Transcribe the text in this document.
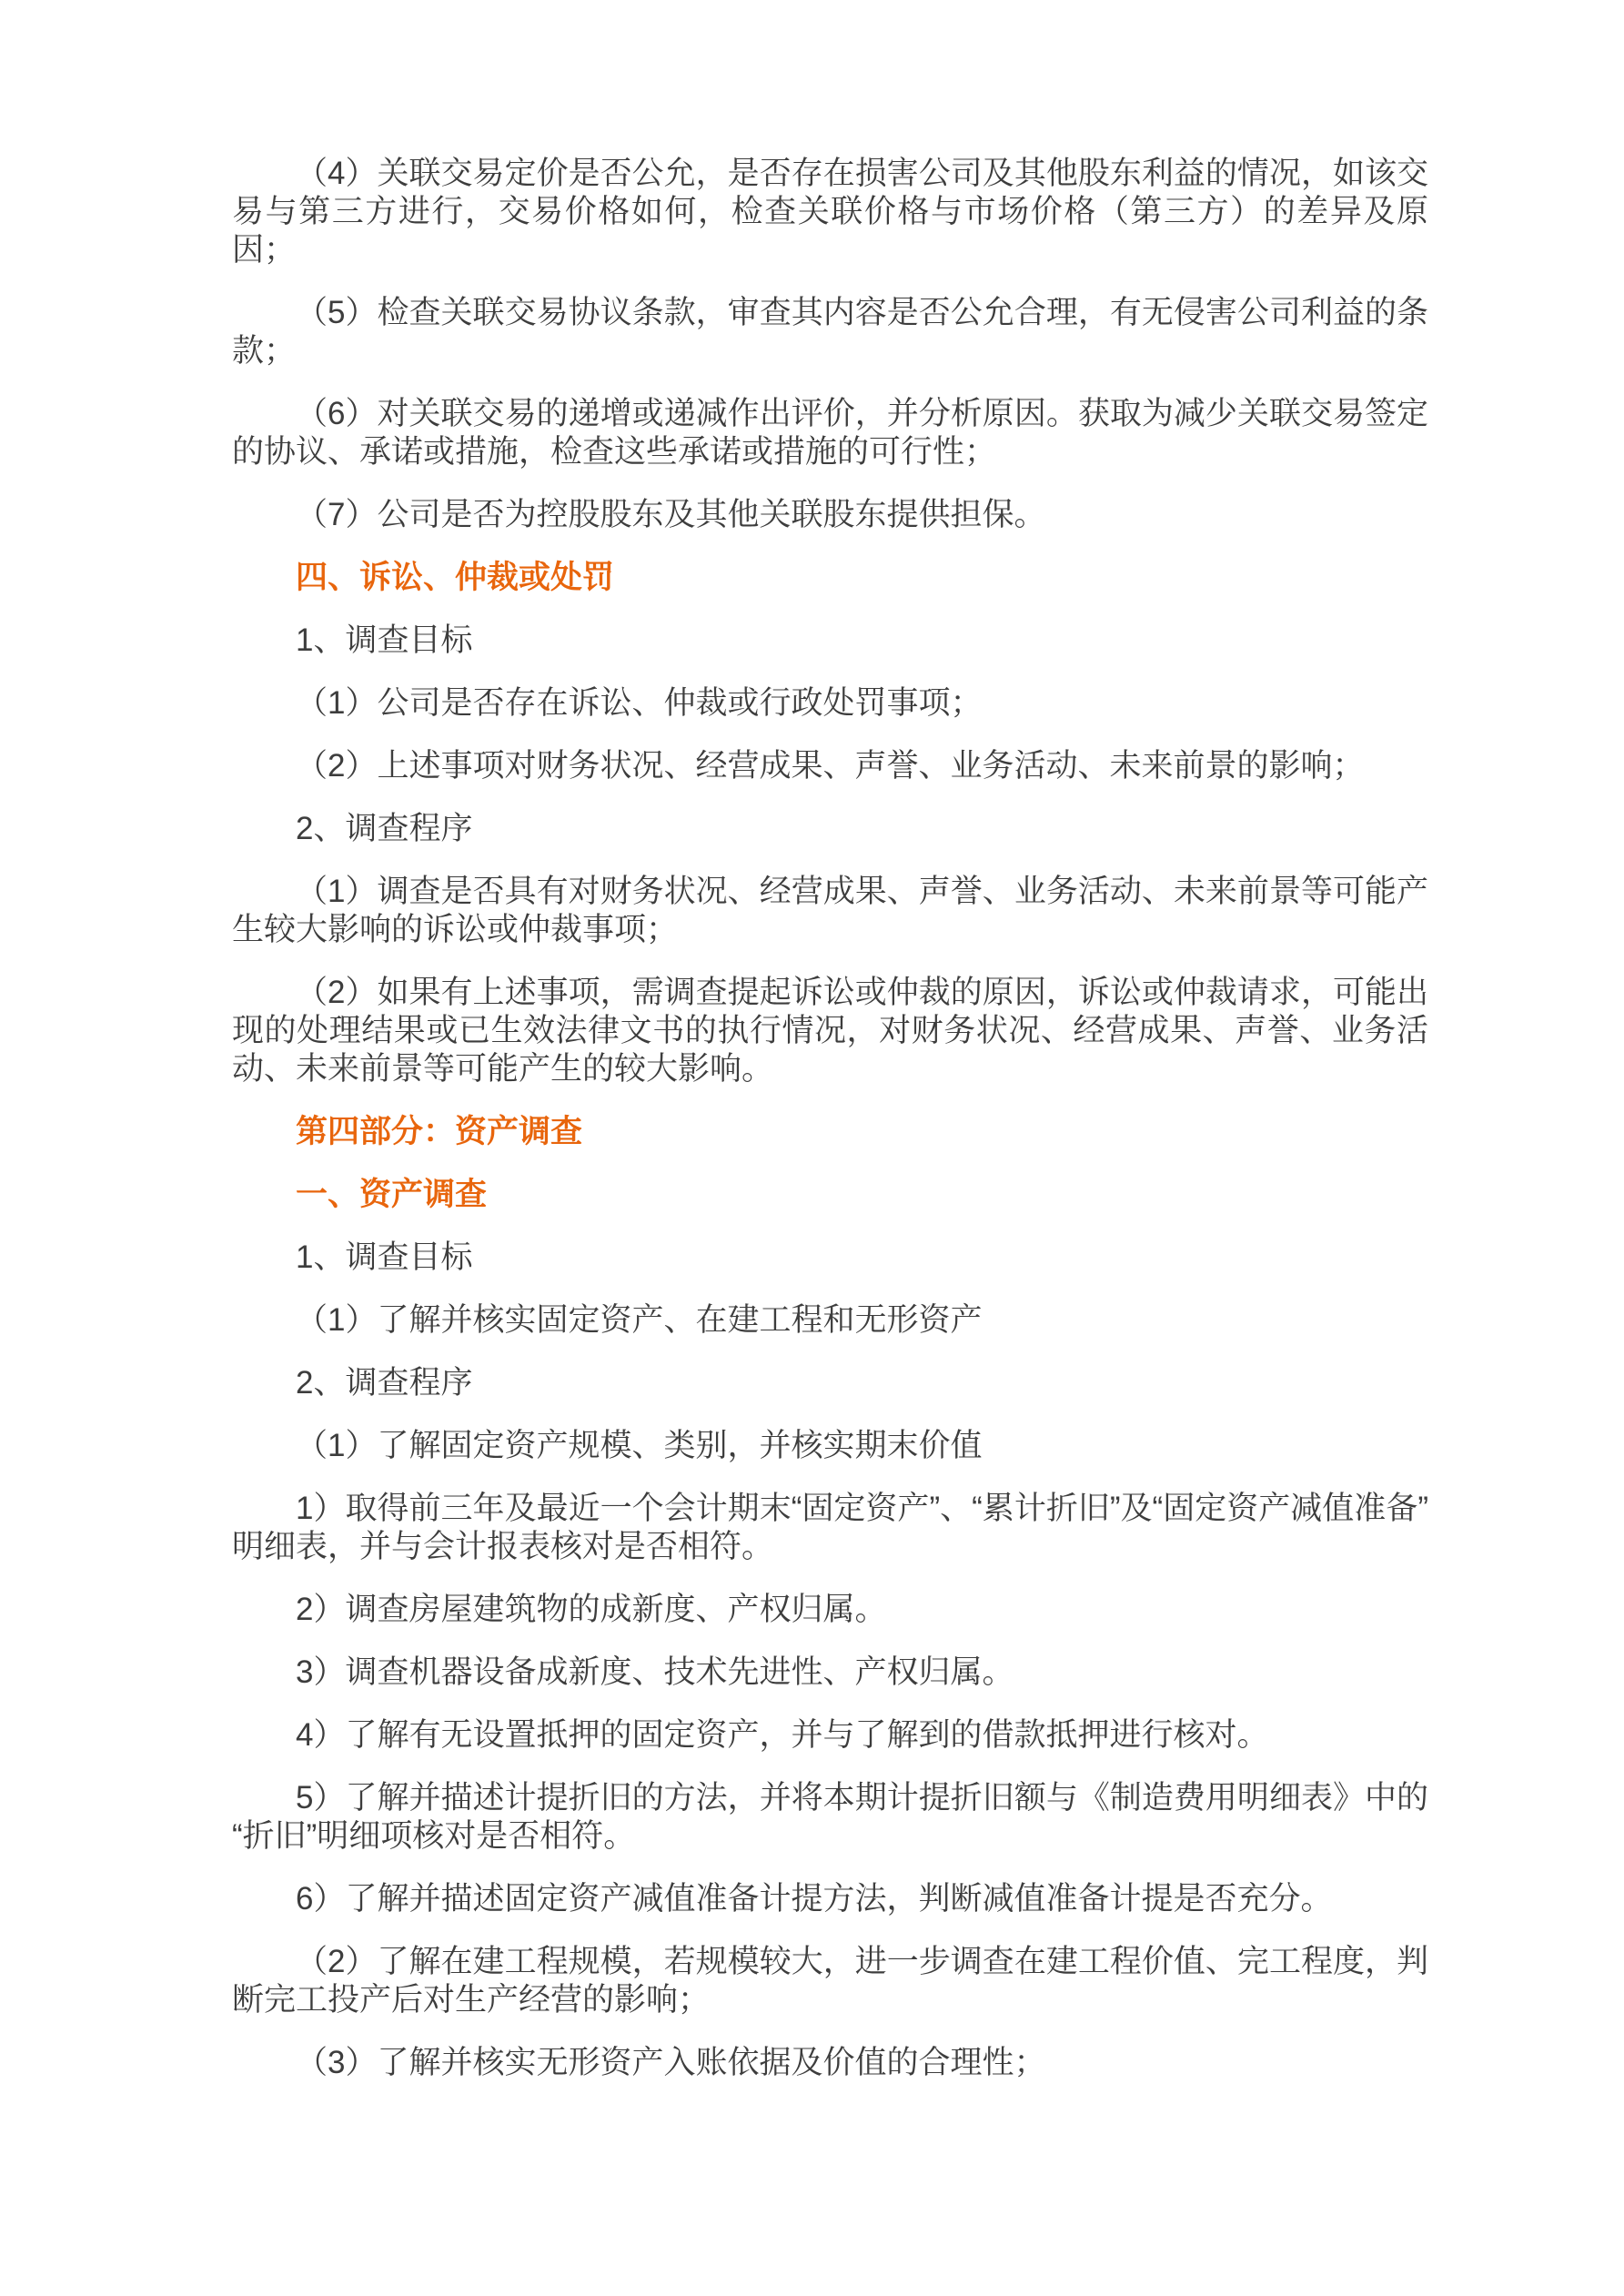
（4）关联交易定价是否公允，是否存在损害公司及其他股东利益的情况，如该交易与第三方进行，交易价格如何，检查关联价格与市场价格（第三方）的差异及原因；

（5）检查关联交易协议条款，审查其内容是否公允合理，有无侵害公司利益的条款；

（6）对关联交易的递增或递减作出评价，并分析原因。获取为减少关联交易签定的协议、承诺或措施，检查这些承诺或措施的可行性；

（7）公司是否为控股股东及其他关联股东提供担保。

四、诉讼、仲裁或处罚

1、调查目标

（1）公司是否存在诉讼、仲裁或行政处罚事项；

（2）上述事项对财务状况、经营成果、声誉、业务活动、未来前景的影响；

2、调查程序

（1）调查是否具有对财务状况、经营成果、声誉、业务活动、未来前景等可能产生较大影响的诉讼或仲裁事项；

（2）如果有上述事项，需调查提起诉讼或仲裁的原因，诉讼或仲裁请求，可能出现的处理结果或已生效法律文书的执行情况，对财务状况、经营成果、声誉、业务活动、未来前景等可能产生的较大影响。

第四部分：资产调查

一、资产调查

1、调查目标

（1）了解并核实固定资产、在建工程和无形资产

2、调查程序

（1）了解固定资产规模、类别，并核实期末价值

1）取得前三年及最近一个会计期末“固定资产”、“累计折旧”及“固定资产减值准备”明细表，并与会计报表核对是否相符。

2）调查房屋建筑物的成新度、产权归属。

3）调查机器设备成新度、技术先进性、产权归属。

4）了解有无设置抵押的固定资产，并与了解到的借款抵押进行核对。

5）了解并描述计提折旧的方法，并将本期计提折旧额与《制造费用明细表》中的“折旧”明细项核对是否相符。

6）了解并描述固定资产减值准备计提方法，判断减值准备计提是否充分。

（2）了解在建工程规模，若规模较大，进一步调查在建工程价值、完工程度，判断完工投产后对生产经营的影响；

（3）了解并核实无形资产入账依据及价值的合理性；
